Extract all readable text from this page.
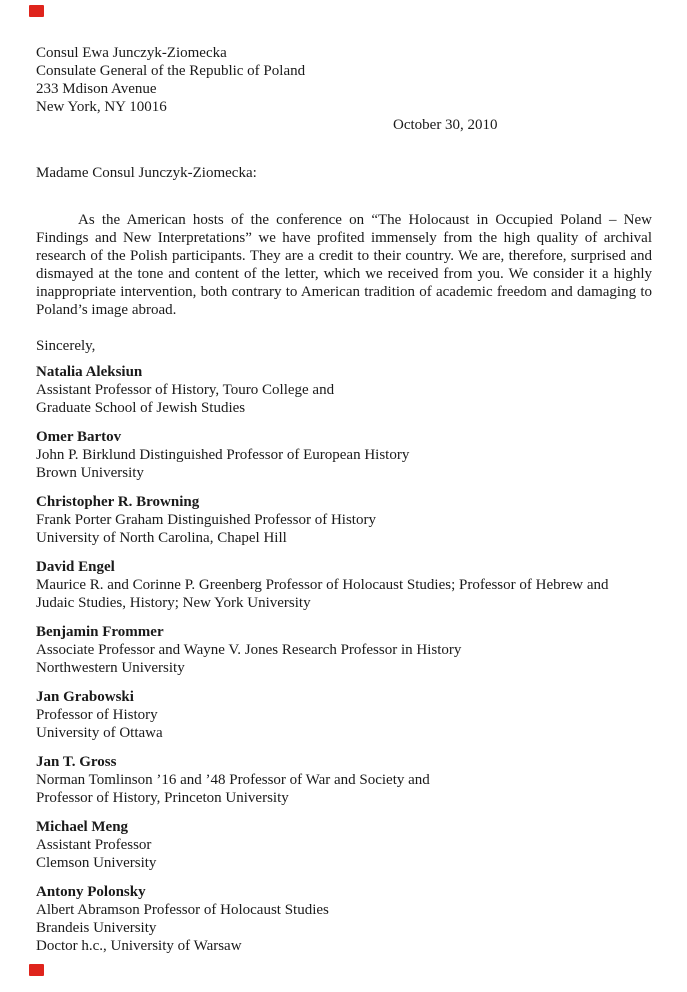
Consul Ewa Junczyk-Ziomecka
Consulate General of the Republic of Poland
233 Mdison Avenue
New York, NY 10016
October 30, 2010
Madame Consul Junczyk-Ziomecka:

As the American hosts of the conference on “The Holocaust in Occupied Poland – New Findings and New Interpretations” we have profited immensely from the high quality of archival research of the Polish participants. They are a credit to their country. We are, therefore, surprised and dismayed at the tone and content of the letter, which we received from you. We consider it a highly inappropriate intervention, both contrary to American tradition of academic freedom and damaging to Poland’s image abroad.

Sincerely,
Natalia Aleksiun
Assistant Professor of History, Touro College and
Graduate School of Jewish Studies
Omer Bartov
John P. Birklund Distinguished Professor of European History
Brown University
Christopher R. Browning
Frank Porter Graham Distinguished Professor of History
University of North Carolina, Chapel Hill
David Engel
Maurice R. and Corinne P. Greenberg Professor of Holocaust Studies; Professor of Hebrew and
Judaic Studies, History; New York University
Benjamin Frommer
Associate Professor and Wayne V. Jones Research Professor in History
Northwestern University
Jan Grabowski
Professor of History
University of Ottawa
Jan T. Gross
Norman Tomlinson ’16 and ’48 Professor of War and Society and
Professor of History, Princeton University
Michael Meng
Assistant Professor
Clemson University
Antony Polonsky
Albert Abramson Professor of Holocaust Studies
Brandeis University
Doctor h.c., University of Warsaw
